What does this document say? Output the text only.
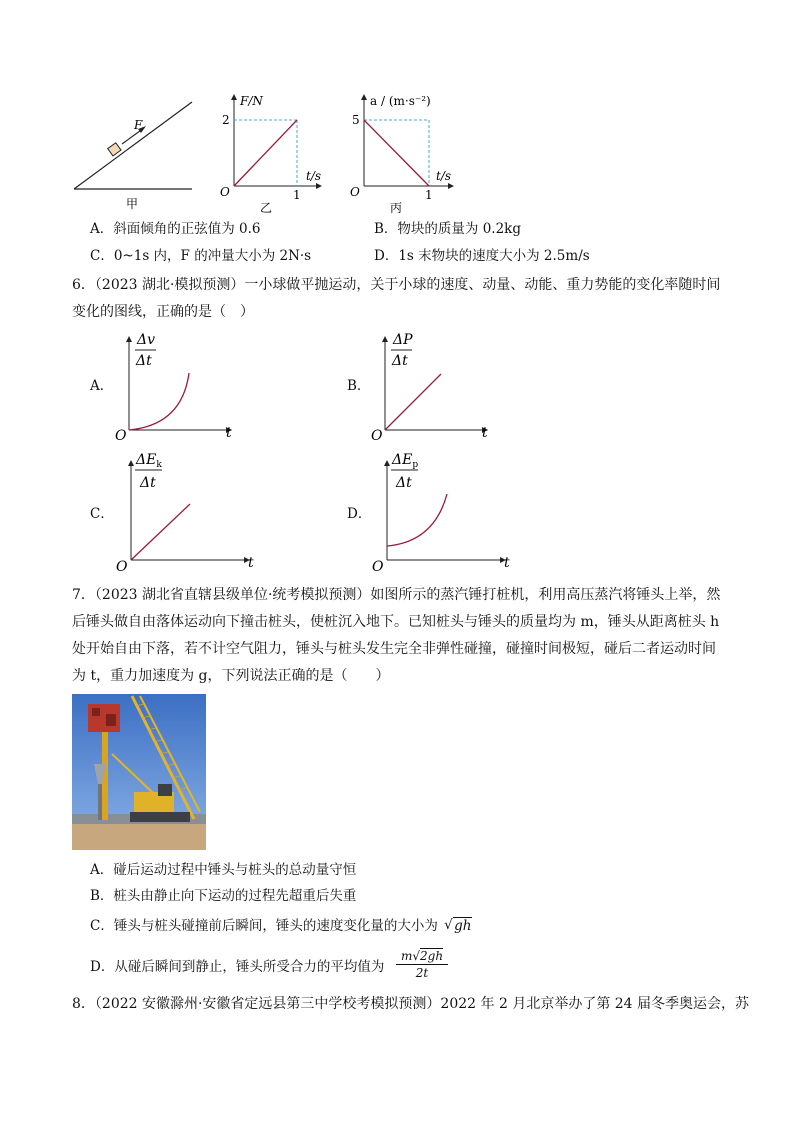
F
甲
F/N
t/s
O
2
1
乙
a / (m·s⁻²)
t/s
O
5
1
丙
A．斜面倾角的正弦值为 0.6	B．物块的质量为 0.2kg
C．0~1s 内，F 的冲量大小为 2N·s	D．1s 末物块的速度大小为 2.5m/s
6．（2023 湖北·模拟预测）一小球做平抛运动，关于小球的速度、动量、动能、重力势能的变化率随时间
变化的图线，正确的是（　）
A．
Δv
Δt
O	t
B．
ΔP
Δt
O	t
C．
$\Delta E_k$
Δt
O	t
D．
$\Delta E_p$
Δt
O	t
7．（2023 湖北省直辖县级单位·统考模拟预测）如图所示的蒸汽锤打桩机，利用高压蒸汽将锤头上举，然
后锤头做自由落体运动向下撞击桩头，使桩沉入地下。已知桩头与锤头的质量均为 m，锤头从距离桩头 h
处开始自由下落，若不计空气阻力，锤头与桩头发生完全非弹性碰撞，碰撞时间极短，碰后二者运动时间
为 t，重力加速度为 g，下列说法正确的是（　　）
A．碰后运动过程中锤头与桩头的总动量守恒
B．桩头由静止向下运动的过程先超重后失重
C．锤头与桩头碰撞前后瞬间，锤头的速度变化量的大小为 √ gh
D．从碰后瞬间到静止，锤头所受合力的平均值为
m√2gh
2t
8．（2022 安徽滁州·安徽省定远县第三中学校考模拟预测）2022 年 2 月北京举办了第 24 届冬季奥运会，苏
